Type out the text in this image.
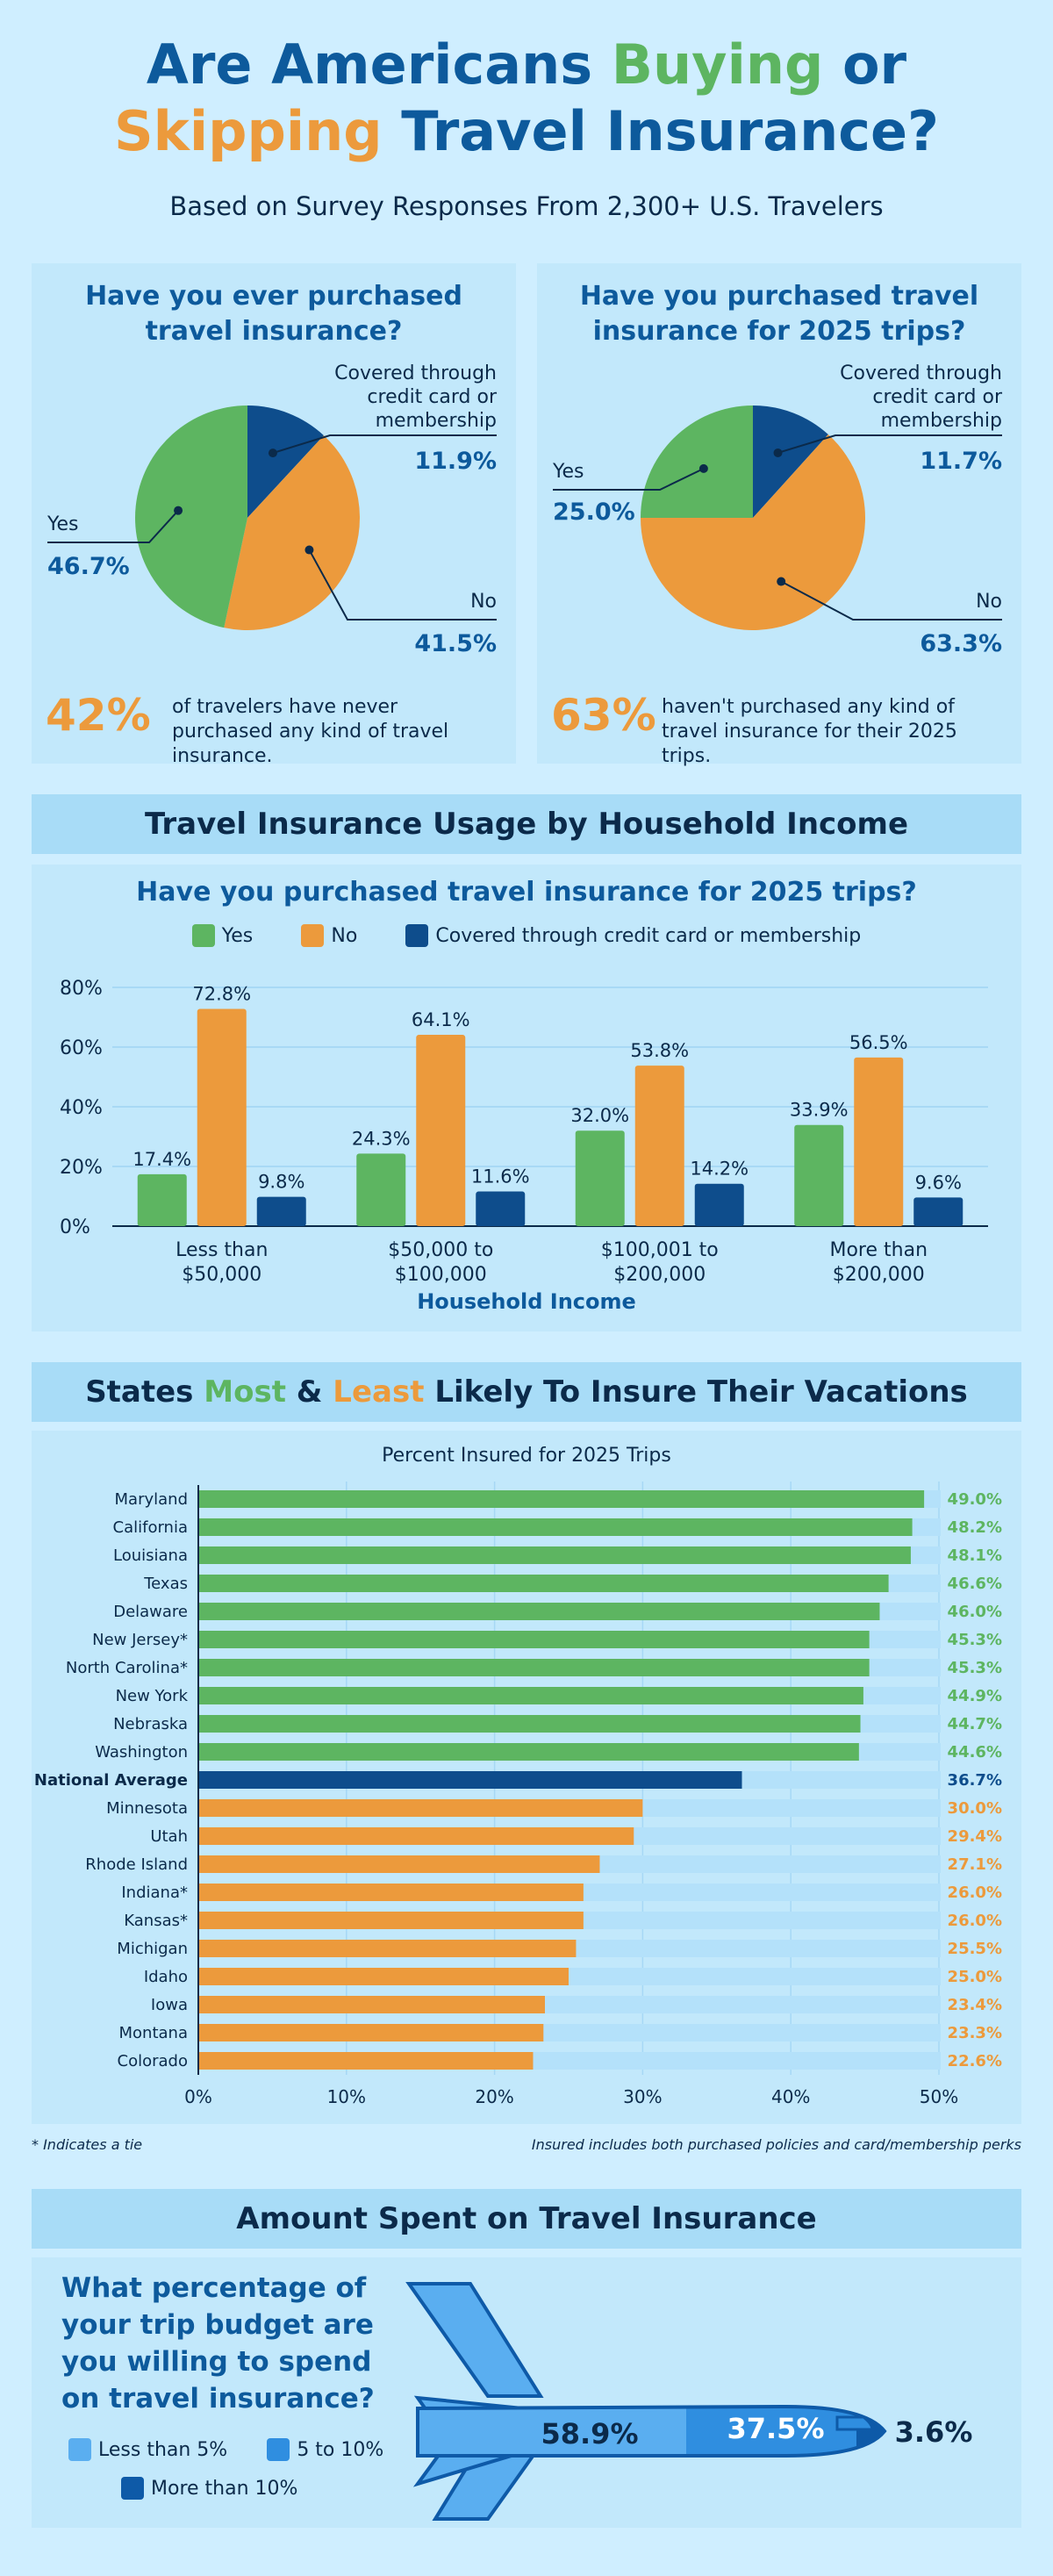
Are Americans Buying or
Skipping Travel Insurance?
Based on Survey Responses From 2,300+ U.S. Travelers
Have you ever purchased travel insurance?
Covered through credit card or membership
11.9%
Yes
46.7%
No
41.5%
42% of travelers have never purchased any kind of travel insurance.
Have you purchased travel insurance for 2025 trips?
Covered through credit card or membership
11.7%
Yes
25.0%
No
63.3%
63% haven't purchased any kind of travel insurance for their 2025 trips.
Travel Insurance Usage by Household Income
Have you purchased travel insurance for 2025 trips?
Yes	No	Covered through credit card or membership
0%
20%
40%
60%
80%
17.4%
72.8%
9.8%
Less than
$50,000
24.3%
64.1%
11.6%
$50,000 to
$100,000
32.0%
53.8%
14.2%
$100,001 to
$200,000
33.9%
56.5%
9.6%
More than
$200,000
Household Income
States Most & Least Likely To Insure Their Vacations
Percent Insured for 2025 Trips
0%	10%	20%	30%	40%	50%
Maryland	49.0%
California	48.2%
Louisiana	48.1%
Texas	46.6%
Delaware	46.0%
New Jersey*	45.3%
North Carolina*	45.3%
New York	44.9%
Nebraska	44.7%
Washington	44.6%
National Average	36.7%
Minnesota	30.0%
Utah	29.4%
Rhode Island	27.1%
Indiana*	26.0%
Kansas*	26.0%
Michigan	25.5%
Idaho	25.0%
Iowa	23.4%
Montana	23.3%
Colorado	22.6%
* Indicates a tie	Insured includes both purchased policies and card/membership perks
Amount Spent on Travel Insurance
What percentage of your trip budget are you willing to spend on travel insurance?
Less than 5%	5 to 10%
More than 10%
58.9%	37.5%	3.6%
